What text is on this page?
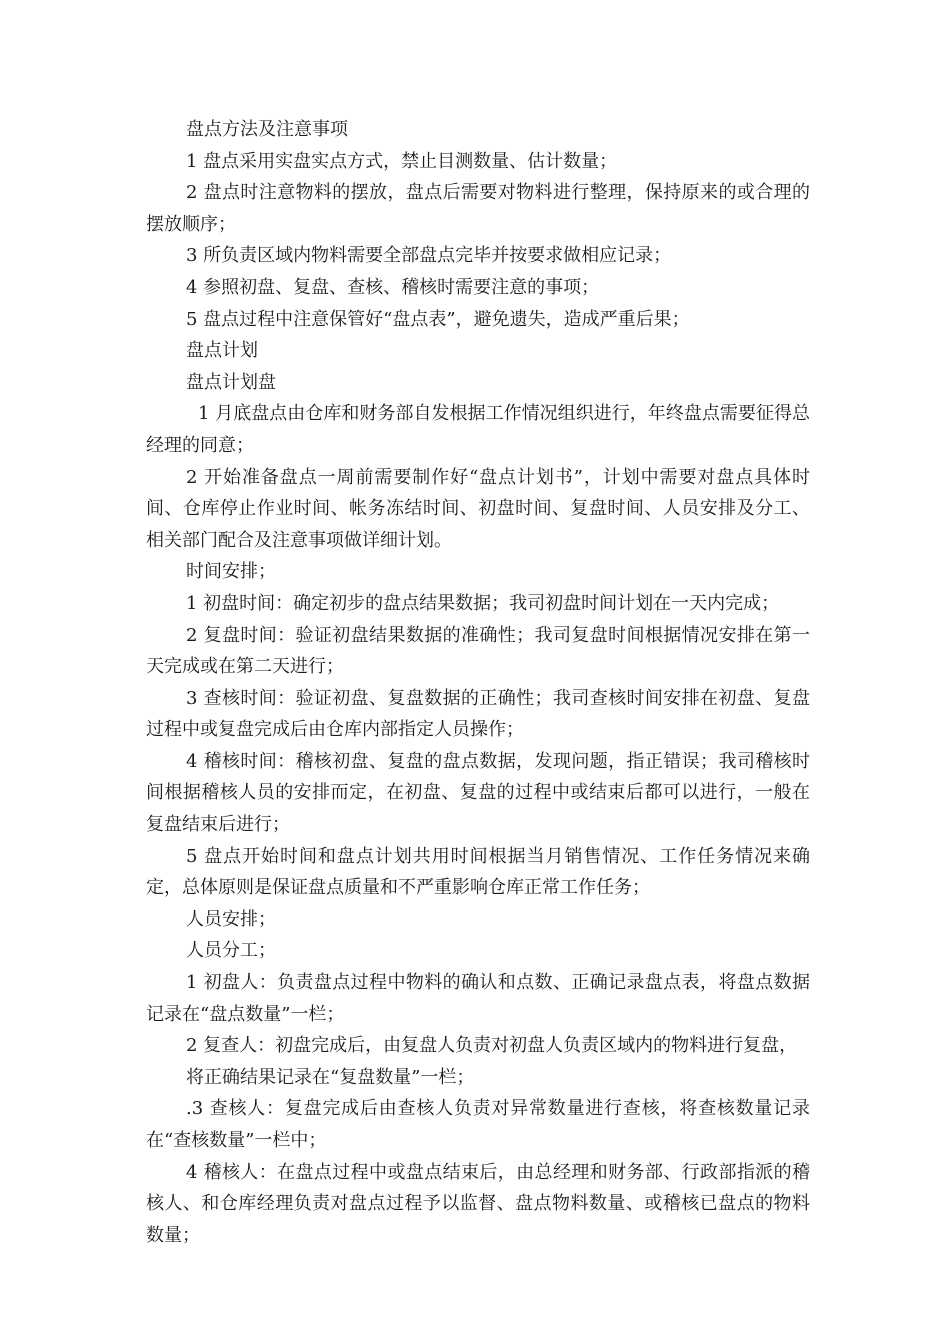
盘点方法及注意事项

1 盘点采用实盘实点方式，禁止目测数量、估计数量；

2 盘点时注意物料的摆放，盘点后需要对物料进行整理，保持原来的或合理的摆放顺序；

3 所负责区域内物料需要全部盘点完毕并按要求做相应记录；

4 参照初盘、复盘、查核、稽核时需要注意的事项；

5 盘点过程中注意保管好“盘点表”，避免遗失，造成严重后果；

盘点计划

盘点计划盘

1 月底盘点由仓库和财务部自发根据工作情况组织进行，年终盘点需要征得总经理的同意；

2 开始准备盘点一周前需要制作好“盘点计划书”，计划中需要对盘点具体时间、仓库停止作业时间、帐务冻结时间、初盘时间、复盘时间、人员安排及分工、相关部门配合及注意事项做详细计划。

时间安排；

1 初盘时间：确定初步的盘点结果数据；我司初盘时间计划在一天内完成；

2 复盘时间：验证初盘结果数据的准确性；我司复盘时间根据情况安排在第一天完成或在第二天进行；

3 查核时间：验证初盘、复盘数据的正确性；我司查核时间安排在初盘、复盘过程中或复盘完成后由仓库内部指定人员操作；

4 稽核时间：稽核初盘、复盘的盘点数据，发现问题，指正错误；我司稽核时间根据稽核人员的安排而定，在初盘、复盘的过程中或结束后都可以进行，一般在复盘结束后进行；

5 盘点开始时间和盘点计划共用时间根据当月销售情况、工作任务情况来确定，总体原则是保证盘点质量和不严重影响仓库正常工作任务；

人员安排；

人员分工；

1 初盘人：负责盘点过程中物料的确认和点数、正确记录盘点表，将盘点数据记录在“盘点数量”一栏；

2 复查人：初盘完成后，由复盘人负责对初盘人负责区域内的物料进行复盘，

将正确结果记录在“复盘数量”一栏；

.3 查核人：复盘完成后由查核人负责对异常数量进行查核，将查核数量记录在“查核数量”一栏中；

4 稽核人：在盘点过程中或盘点结束后，由总经理和财务部、行政部指派的稽核人、和仓库经理负责对盘点过程予以监督、盘点物料数量、或稽核已盘点的物料数量；
